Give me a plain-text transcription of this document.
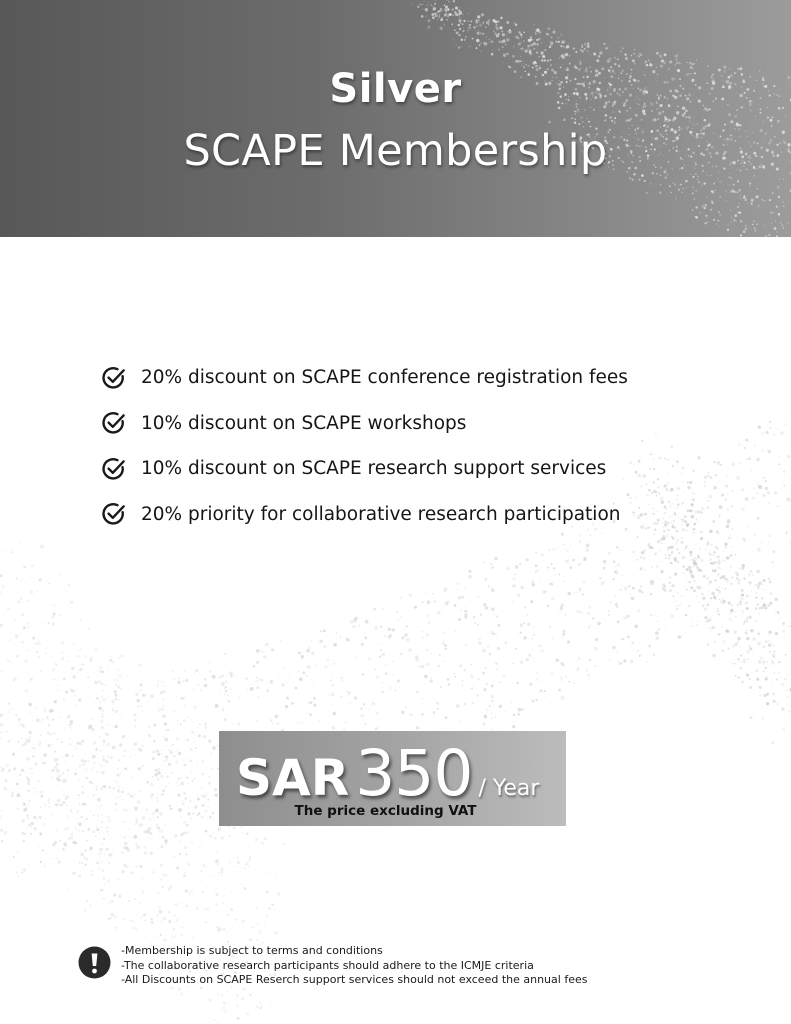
Silver
SCAPE Membership
20% discount on SCAPE conference registration fees
10% discount on SCAPE workshops
10% discount on SCAPE research support services
20% priority for collaborative research participation
SAR 350 / Year
The price excluding VAT
-Membership is subject to terms and conditions
-The collaborative research participants should adhere to the ICMJE criteria
-All Discounts on SCAPE Reserch support services should not exceed the annual fees
